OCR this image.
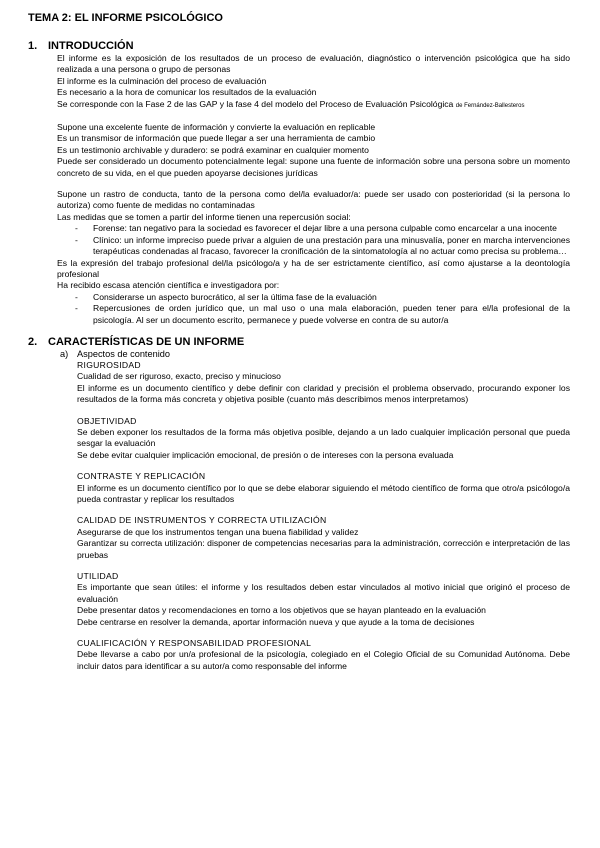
TEMA 2: EL INFORME PSICOLÓGICO
1. INTRODUCCIÓN
El informe es la exposición de los resultados de un proceso de evaluación, diagnóstico o intervención psicológica que ha sido realizada a una persona o grupo de personas
El informe es la culminación del proceso de evaluación
Es necesario a la hora de comunicar los resultados de la evaluación
Se corresponde con la Fase 2 de las GAP y la fase 4 del modelo del Proceso de Evaluación Psicológica de Fernández-Ballesteros
Supone una excelente fuente de información y convierte la evaluación en replicable
Es un transmisor de información que puede llegar a ser una herramienta de cambio
Es un testimonio archivable y duradero: se podrá examinar en cualquier momento
Puede ser considerado un documento potencialmente legal: supone una fuente de información sobre una persona sobre un momento concreto de su vida, en el que pueden apoyarse decisiones jurídicas
Supone un rastro de conducta, tanto de la persona como del/la evaluador/a: puede ser usado con posterioridad (si la persona lo autoriza) como fuente de medidas no contaminadas
Las medidas que se tomen a partir del informe tienen una repercusión social:
- Forense: tan negativo para la sociedad es favorecer el dejar libre a una persona culpable como encarcelar a una inocente
- Clínico: un informe impreciso puede privar a alguien de una prestación para una minusvalía, poner en marcha intervenciones terapéuticas condenadas al fracaso, favorecer la cronificación de la sintomatología al no actuar como precisa su problema…
Es la expresión del trabajo profesional del/la psicólogo/a y ha de ser estrictamente científico, así como ajustarse a la deontología profesional
Ha recibido escasa atención científica e investigadora por:
- Considerarse un aspecto burocrático, al ser la última fase de la evaluación
- Repercusiones de orden jurídico que, un mal uso o una mala elaboración, pueden tener para el/la profesional de la psicología. Al ser un documento escrito, permanece y puede volverse en contra de su autor/a
2. CARACTERÍSTICAS DE UN INFORME
a) Aspectos de contenido
RIGUROSIDAD
Cualidad de ser riguroso, exacto, preciso y minucioso
El informe es un documento científico y debe definir con claridad y precisión el problema observado, procurando exponer los resultados de la forma más concreta y objetiva posible (cuanto más describimos menos interpretamos)
OBJETIVIDAD
Se deben exponer los resultados de la forma más objetiva posible, dejando a un lado cualquier implicación personal que pueda sesgar la evaluación
Se debe evitar cualquier implicación emocional, de presión o de intereses con la persona evaluada
CONTRASTE Y REPLICACIÓN
El informe es un documento científico por lo que se debe elaborar siguiendo el método científico de forma que otro/a psicólogo/a pueda contrastar y replicar los resultados
CALIDAD DE INSTRUMENTOS Y CORRECTA UTILIZACIÓN
Asegurarse de que los instrumentos tengan una buena fiabilidad y validez
Garantizar su correcta utilización: disponer de competencias necesarias para la administración, corrección e interpretación de las pruebas
UTILIDAD
Es importante que sean útiles: el informe y los resultados deben estar vinculados al motivo inicial que originó el proceso de evaluación
Debe presentar datos y recomendaciones en torno a los objetivos que se hayan planteado en la evaluación
Debe centrarse en resolver la demanda, aportar información nueva y que ayude a la toma de decisiones
CUALIFICACIÓN Y RESPONSABILIDAD PROFESIONAL
Debe llevarse a cabo por un/a profesional de la psicología, colegiado en el Colegio Oficial de su Comunidad Autónoma. Debe incluir datos para identificar a su autor/a como responsable del informe
